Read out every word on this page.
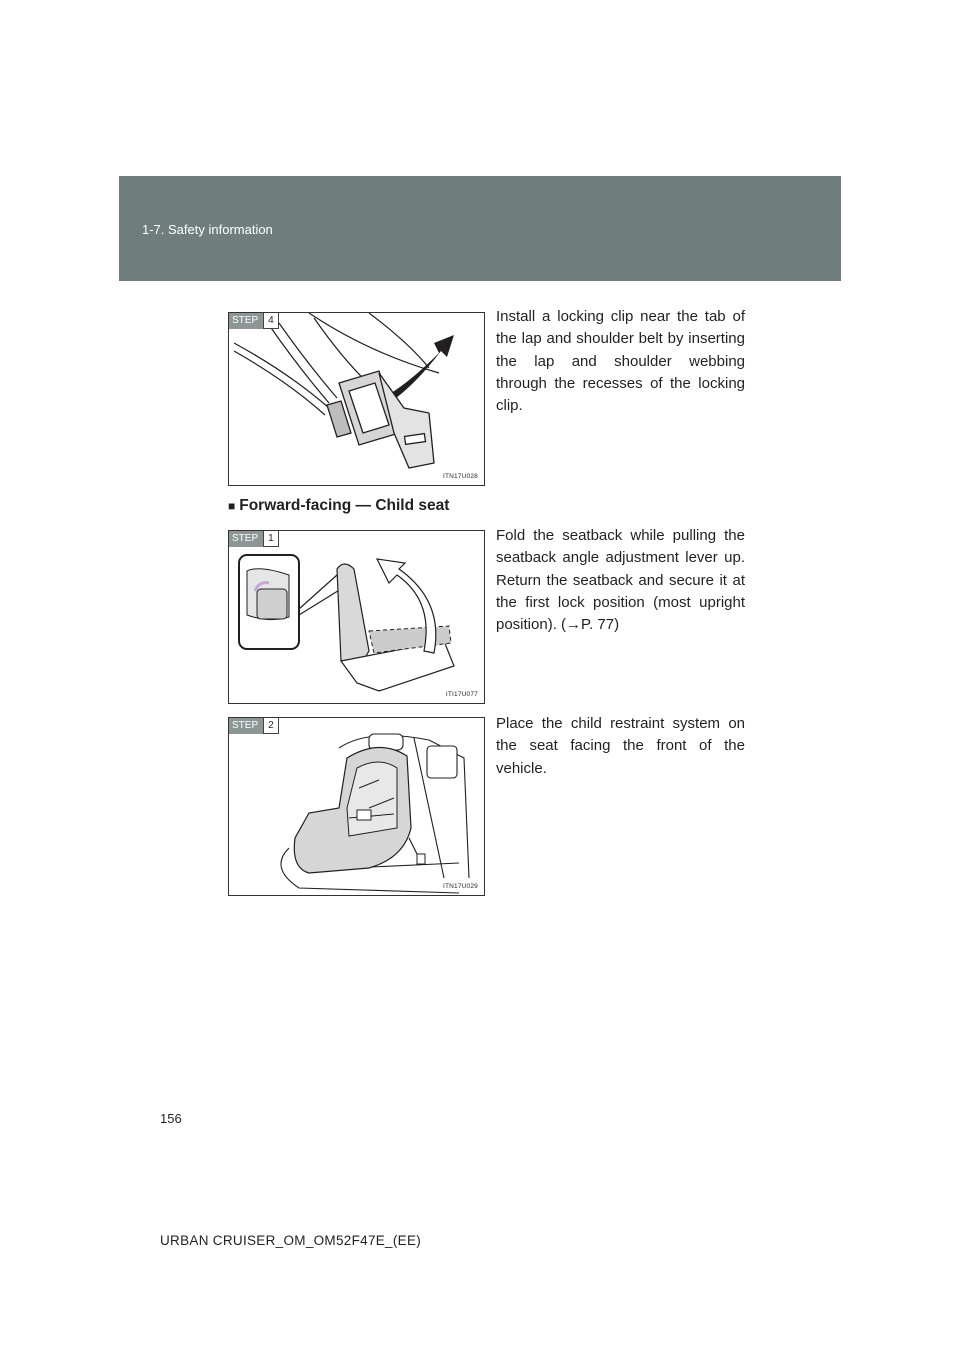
1-7. Safety information
STEP	4
ITN17U028
Install a locking clip near the tab of the lap and shoulder belt by inserting the lap and shoulder webbing through the recesses of the locking clip.
■ Forward-facing — Child seat
STEP	1
ITI17U077
Fold the seatback while pulling the seatback angle adjustment lever up. Return the seatback and secure it at the first lock position (most upright position). (→P. 77)
STEP	2
ITN17U029
Place the child restraint system on the seat facing the front of the vehicle.
156
URBAN CRUISER_OM_OM52F47E_(EE)
